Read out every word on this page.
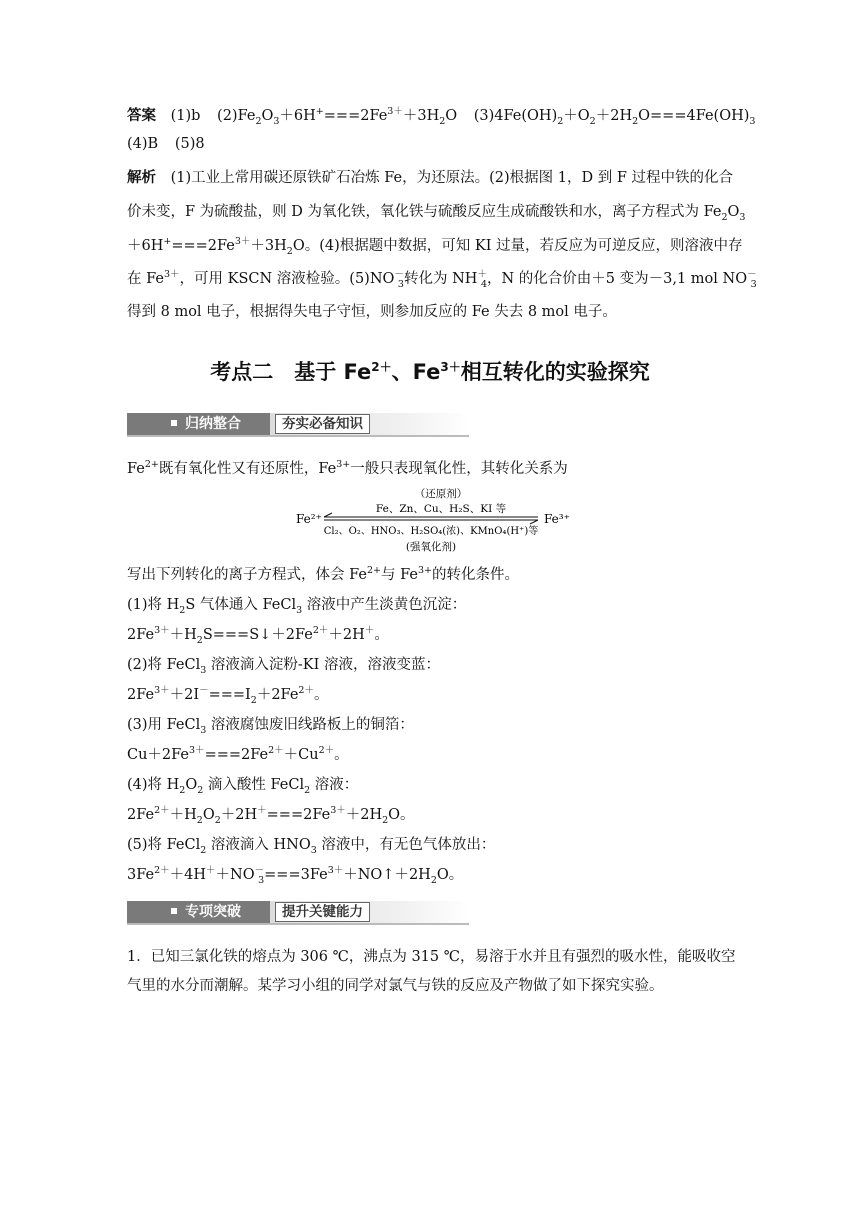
答案 (1)b $(2)Fe_2O_3+6H^+===2Fe^{3+}+3H_2O$ $(3)4Fe(OH)_2+O_2+2H_2O===4Fe(OH)_3$
(4)B (5)8
解析 (1)工业上常用碳还原铁矿石冶炼 Fe，为还原法。(2)根据图 1，D 到 F 过程中铁的化合
价未变，F 为硫酸盐，则 D 为氧化铁，氧化铁与硫酸反应生成硫酸铁和水，离子方程式为 $Fe_2O_3$
$+6H^+===2Fe^{3+}+3H_2O$。(4)根据题中数据，可知 KI 过量，若反应为可逆反应，则溶液中存
在 $Fe^{3+}$，可用 KSCN 溶液检验。$(5)NO^-_3$转化为 $NH^+_4$，N 的化合价由＋5 变为－3,1 mol $NO^-_3$
得到 8 mol 电子，根据得失电子守恒，则参加反应的 Fe 失去 8 mol 电子。
考点二　基于 $Fe^{2+}$、$Fe^{3+}$相互转化的实验探究
归纳整合	夯实必备知识
$Fe^{2+}$既有氧化性又有还原性，$Fe^{3+}$一般只表现氧化性，其转化关系为
（还原剂）
Fe、Zn、Cu、H₂S、KI 等
Fe²⁺	Fe³⁺
Cl₂、O₂、HNO₃、H₂SO₄(浓)、KMnO₄(H⁺)等
(强氧化剂)
写出下列转化的离子方程式，体会 $Fe^{2+}$与 $Fe^{3+}$的转化条件。
(1)将 $H_2S$ 气体通入 FeCl$_3$ 溶液中产生淡黄色沉淀：
$2Fe^{3+}+H_2S===S↓+2Fe^{2+}+2H^+$。
(2)将 FeCl$_3$ 溶液滴入淀粉-KI 溶液，溶液变蓝：
$2Fe^{3+}+2I^-===I_2+2Fe^{2+}$。
(3)用 FeCl$_3$ 溶液腐蚀废旧线路板上的铜箔：
$Cu+2Fe^{3+}===2Fe^{2+}+Cu^{2+}$。
(4)将 $H_2O_2$ 滴入酸性 FeCl$_2$ 溶液：
$2Fe^{2+}+H_2O_2+2H^+===2Fe^{3+}+2H_2O$。
(5)将 FeCl$_2$ 溶液滴入 $HNO_3$ 溶液中，有无色气体放出：
$3Fe^{2+}+4H^++NO^-_3===3Fe^{3+}+NO↑+2H_2O$。
专项突破	提升关键能力
1．已知三氯化铁的熔点为 306 ℃，沸点为 315 ℃，易溶于水并且有强烈的吸水性，能吸收空
气里的水分而潮解。某学习小组的同学对氯气与铁的反应及产物做了如下探究实验。
